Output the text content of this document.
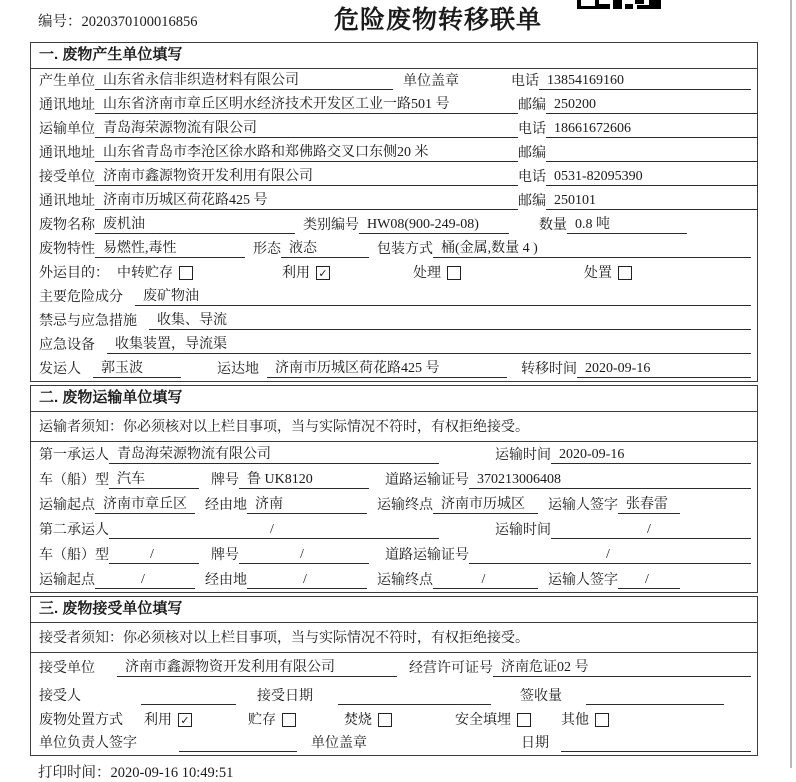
编号：2020370100016856	危险废物转移联单
一. 废物产生单位填写
产生单位 山东省永信非织造材料有限公司	单位盖章	电话 13854169160
通讯地址 山东省济南市章丘区明水经济技术开发区工业一路501 号	邮编 250200
运输单位 青岛海荣源物流有限公司	电话 18661672606
通讯地址 山东省青岛市李沧区徐水路和郑佛路交叉口东侧20 米	邮编
接受单位 济南市鑫源物资开发利用有限公司	电话 0531-82095390
通讯地址 济南市历城区荷花路425 号	邮编 250101
废物名称 废机油	类别编号 HW08(900-249-08)	数量 0.8 吨
废物特性 易燃性,毒性	形态 液态	包装方式 桶(金属,数量 4 )
外运目的： 中转贮存	利用 ✓	处理	处置
主要危险成分	废矿物油
禁忌与应急措施	收集、导流
应急设备	收集装置，导流渠
发运人	郭玉波	运达地	济南市历城区荷花路425 号	转移时间 2020-09-16
二. 废物运输单位填写
运输者须知：你必须核对以上栏目事项，当与实际情况不符时，有权拒绝接受。
第一承运人 青岛海荣源物流有限公司	运输时间 2020-09-16
车（船）型 汽车	牌号 鲁 UK8120	道路运输证号 370213006408
运输起点 济南市章丘区	经由地 济南	运输终点 济南市历城区	运输人签字 张春雷
第二承运人	/	运输时间	/
车（船）型	/	牌号	/	道路运输证号	/
运输起点	/	经由地	/	运输终点	/	运输人签字	/
三. 废物接受单位填写
接受者须知：你必须核对以上栏目事项，当与实际情况不符时，有权拒绝接受。
接受单位	济南市鑫源物资开发利用有限公司	经营许可证号 济南危证02 号
接受人	接受日期	签收量
废物处置方式 利用 ✓	贮存	焚烧	安全填埋	其他
单位负责人签字	单位盖章	日期
打印时间：2020-09-16 10:49:51
